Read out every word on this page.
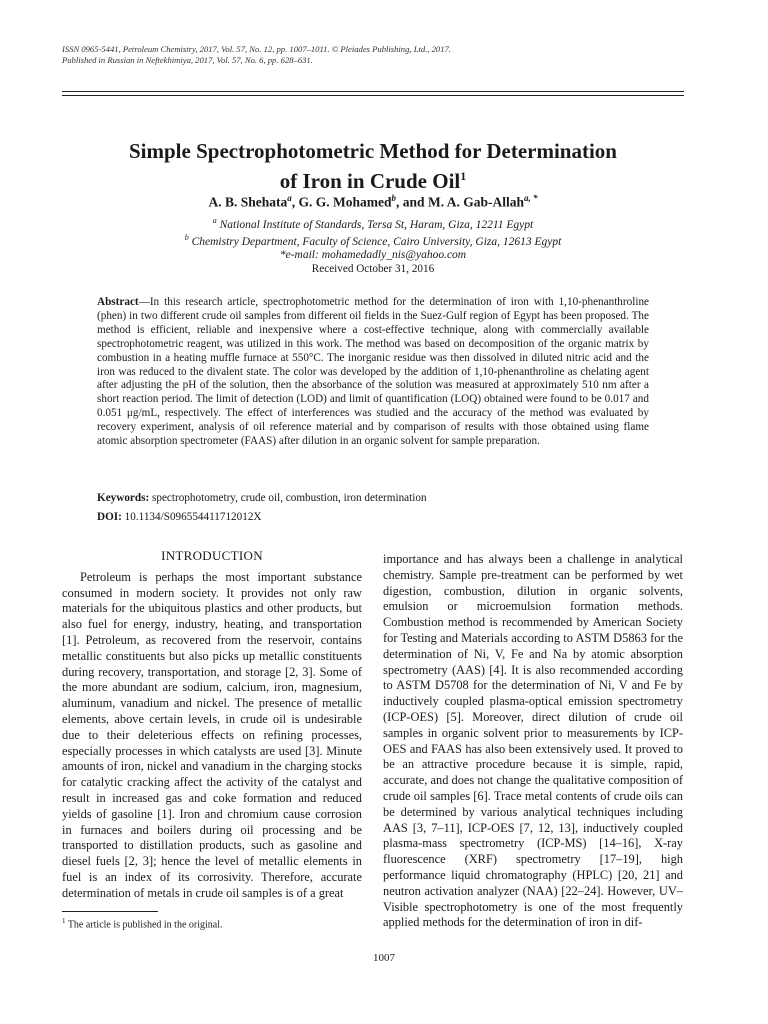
ISSN 0965-5441, Petroleum Chemistry, 2017, Vol. 57, No. 12, pp. 1007–1011. © Pleiades Publishing, Ltd., 2017.
Published in Russian in Neftekhimiya, 2017, Vol. 57, No. 6, pp. 628–631.
Simple Spectrophotometric Method for Determination
of Iron in Crude Oil$^1$
A. B. Shehata$^a$, G. G. Mohamed$^b$, and M. A. Gab-Allah$^{a, *}$
$^a$ National Institute of Standards, Tersa St, Haram, Giza, 12211 Egypt
$^b$ Chemistry Department, Faculty of Science, Cairo University, Giza, 12613 Egypt
*e-mail: mohamedadly_nis@yahoo.com
Received October 31, 2016
Abstract—In this research article, spectrophotometric method for the determination of iron with 1,10-phenanthroline (phen) in two different crude oil samples from different oil fields in the Suez-Gulf region of Egypt has been proposed. The method is efficient, reliable and inexpensive where a cost-effective technique, along with commercially available spectrophotometric reagent, was utilized in this work. The method was based on decomposition of the organic matrix by combustion in a heating muffle furnace at 550°C. The inorganic residue was then dissolved in diluted nitric acid and the iron was reduced to the divalent state. The color was developed by the addition of 1,10-phenanthroline as chelating agent after adjusting the pH of the solution, then the absorbance of the solution was measured at approximately 510 nm after a short reaction period. The limit of detection (LOD) and limit of quantification (LOQ) obtained were found to be 0.017 and 0.051 μg/mL, respectively. The effect of interferences was studied and the accuracy of the method was evaluated by recovery experiment, analysis of oil reference material and by comparison of results with those obtained using flame atomic absorption spectrometer (FAAS) after dilution in an organic solvent for sample preparation.
Keywords: spectrophotometry, crude oil, combustion, iron determination
DOI: 10.1134/S096554411712012X
INTRODUCTION

Petroleum is perhaps the most important substance consumed in modern society. It provides not only raw materials for the ubiquitous plastics and other products, but also fuel for energy, industry, heating, and transportation [1]. Petroleum, as recovered from the reservoir, contains metallic constituents but also picks up metallic constituents during recovery, transportation, and storage [2, 3]. Some of the more abundant are sodium, calcium, iron, magnesium, aluminum, vanadium and nickel. The presence of metallic elements, above certain levels, in crude oil is undesirable due to their deleterious effects on refining processes, especially processes in which catalysts are used [3]. Minute amounts of iron, nickel and vanadium in the charging stocks for catalytic cracking affect the activity of the catalyst and result in increased gas and coke formation and reduced yields of gasoline [1]. Iron and chromium cause corrosion in furnaces and boilers during oil processing and be transported to distillation products, such as gasoline and diesel fuels [2, 3]; hence the level of metallic elements in fuel is an index of its corrosivity. Therefore, accurate determination of metals in crude oil samples is of a great

importance and has always been a challenge in analytical chemistry. Sample pre-treatment can be performed by wet digestion, combustion, dilution in organic solvents, emulsion or microemulsion formation methods. Combustion method is recommended by American Society for Testing and Materials according to ASTM D5863 for the determination of Ni, V, Fe and Na by atomic absorption spectrometry (AAS) [4]. It is also recommended according to ASTM D5708 for the determination of Ni, V and Fe by inductively coupled plasma-optical emission spectrometry (ICP-OES) [5]. Moreover, direct dilution of crude oil samples in organic solvent prior to measurements by ICP-OES and FAAS has also been extensively used. It proved to be an attractive procedure because it is simple, rapid, accurate, and does not change the qualitative composition of crude oil samples [6]. Trace metal contents of crude oils can be determined by various analytical techniques including AAS [3, 7–11], ICP-OES [7, 12, 13], inductively coupled plasma-mass spectrometry (ICP-MS) [14–16], X-ray fluorescence (XRF) spectrometry [17–19], high performance liquid chromatography (HPLC) [20, 21] and neutron activation analyzer (NAA) [22–24]. However, UV–Visible spectrophotometry is one of the most frequently applied methods for the determination of iron in dif-

$^1$ The article is published in the original.
1007
